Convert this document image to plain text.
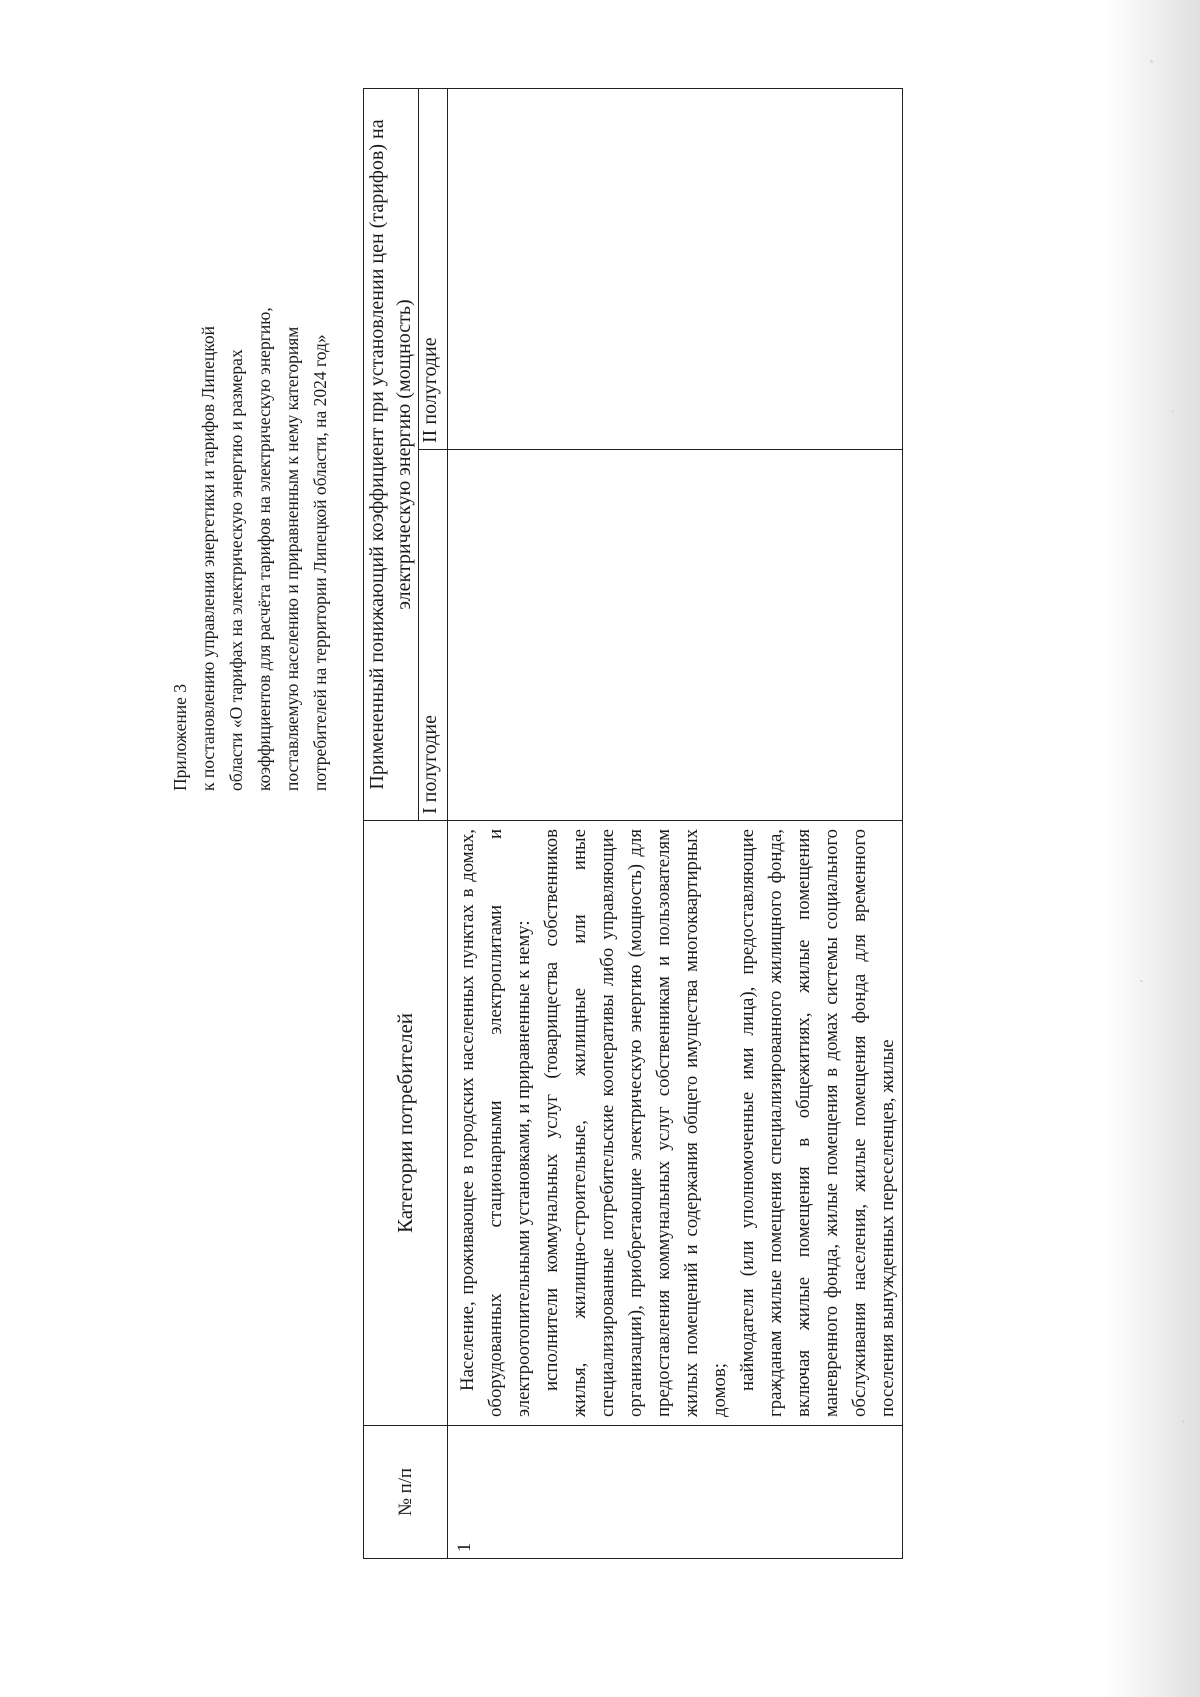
Приложение 3 к постановлению управления энергетики и тарифов Липецкой области «О тарифах на электрическую энергию и размерах коэффициентов для расчёта тарифов на электрическую энергию, поставляемую населению и приравненным к нему категориям потребителей на территории Липецкой области, на 2024 год»
№ п/п	Категории потребителей	Примененный понижающий коэффициент при установлении цен (тарифов) на электрическую энергию (мощность)	
		I полугодие	II полугодие
1	Население, проживающее в городских населенных пунктах в домах, оборудованных стационарными электроплитами и электроотопительными установками, и приравненные к нему: исполнители коммунальных услуг (товарищества собственников жилья, жилищно-строительные, жилищные или иные специализированные потребительские кооперативы либо управляющие организации), приобретающие электрическую энергию (мощность) для предоставления коммунальных услуг собственникам и пользователям жилых помещений и содержания общего имущества многоквартирных домов; наймодатели (или уполномоченные ими лица), предоставляющие гражданам жилые помещения специализированного жилищного фонда, включая жилые помещения в общежитиях, жилые помещения маневренного фонда, жилые помещения в домах системы социального обслуживания населения, жилые помещения фонда для временного поселения вынужденных переселенцев, жилые		
